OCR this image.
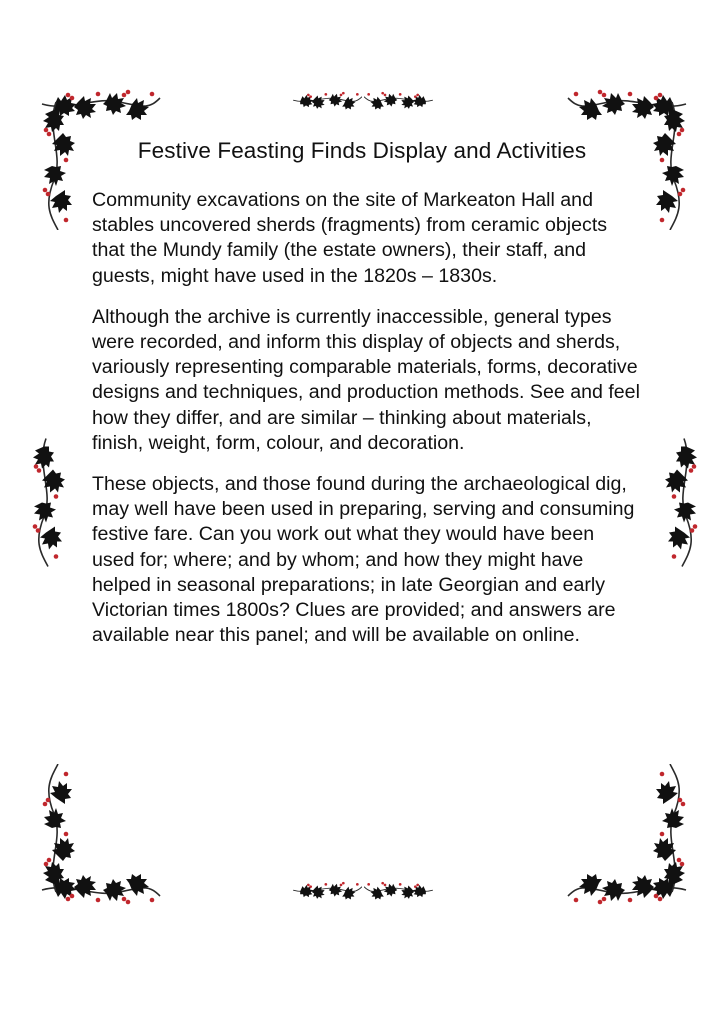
Festive Feasting Finds Display and Activities

Community excavations on the site of Markeaton Hall and stables uncovered sherds (fragments) from ceramic objects that the Mundy family (the estate owners), their staff, and guests, might have used in the 1820s – 1830s.

Although the archive is currently inaccessible, general types were recorded, and inform this display of objects and sherds, variously representing comparable materials, forms, decorative designs and techniques, and production methods. See and feel how they differ, and are similar – thinking about materials, finish, weight, form, colour, and decoration.

These objects, and those found during the archaeological dig, may well have been used in preparing, serving and consuming festive fare. Can you work out what they would have been used for; where; and by whom; and how they might have helped in seasonal preparations; in late Georgian and early Victorian times 1800s? Clues are provided; and answers are available near this panel; and will be available on online.
